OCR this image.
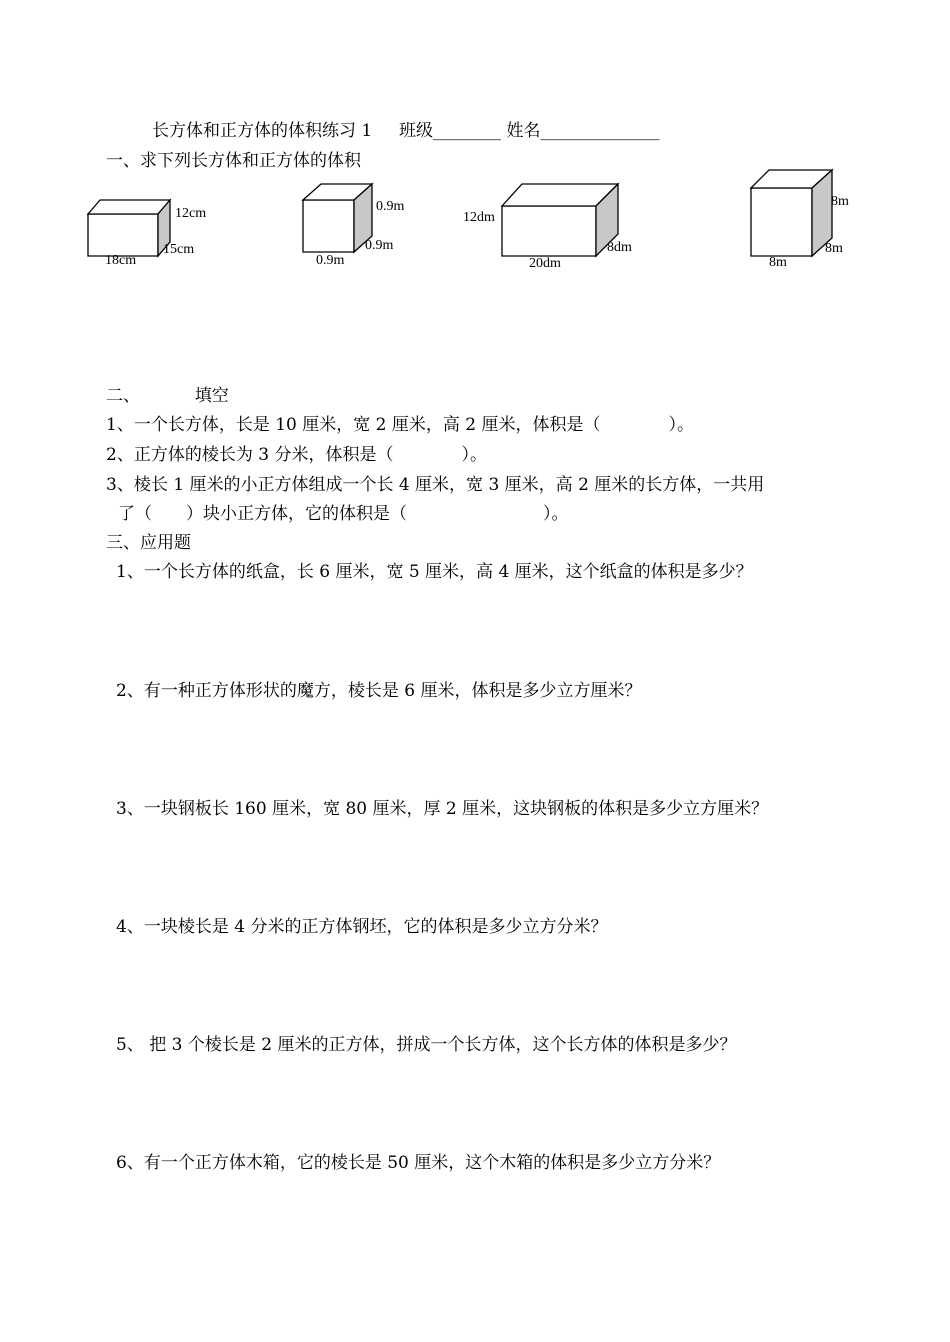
长方体和正方体的体积练习 1 班级________ 姓名______________
一、求下列长方体和正方体的体积
12cm
15cm
18cm
0.9m
0.9m
0.9m
12dm
8dm
20dm
8m
8m
8m
二、	填空
1、一个长方体，长是 10 厘米，宽 2 厘米，高 2 厘米，体积是（　　　　）。
2、正方体的棱长为 3 分米，体积是（　　　　）。
3、棱长 1 厘米的小正方体组成一个长 4 厘米，宽 3 厘米，高 2 厘米的长方体，一共用
了（　　）块小正方体，它的体积是（　　　　　　　　）。
三、应用题
1、一个长方体的纸盒，长 6 厘米，宽 5 厘米，高 4 厘米，这个纸盒的体积是多少？
2、有一种正方体形状的魔方，棱长是 6 厘米，体积是多少立方厘米？
3、一块钢板长 160 厘米，宽 80 厘米，厚 2 厘米，这块钢板的体积是多少立方厘米？
4、一块棱长是 4 分米的正方体钢坯，它的体积是多少立方分米？
5、 把 3 个棱长是 2 厘米的正方体，拼成一个长方体，这个长方体的体积是多少？
6、有一个正方体木箱，它的棱长是 50 厘米，这个木箱的体积是多少立方分米？
